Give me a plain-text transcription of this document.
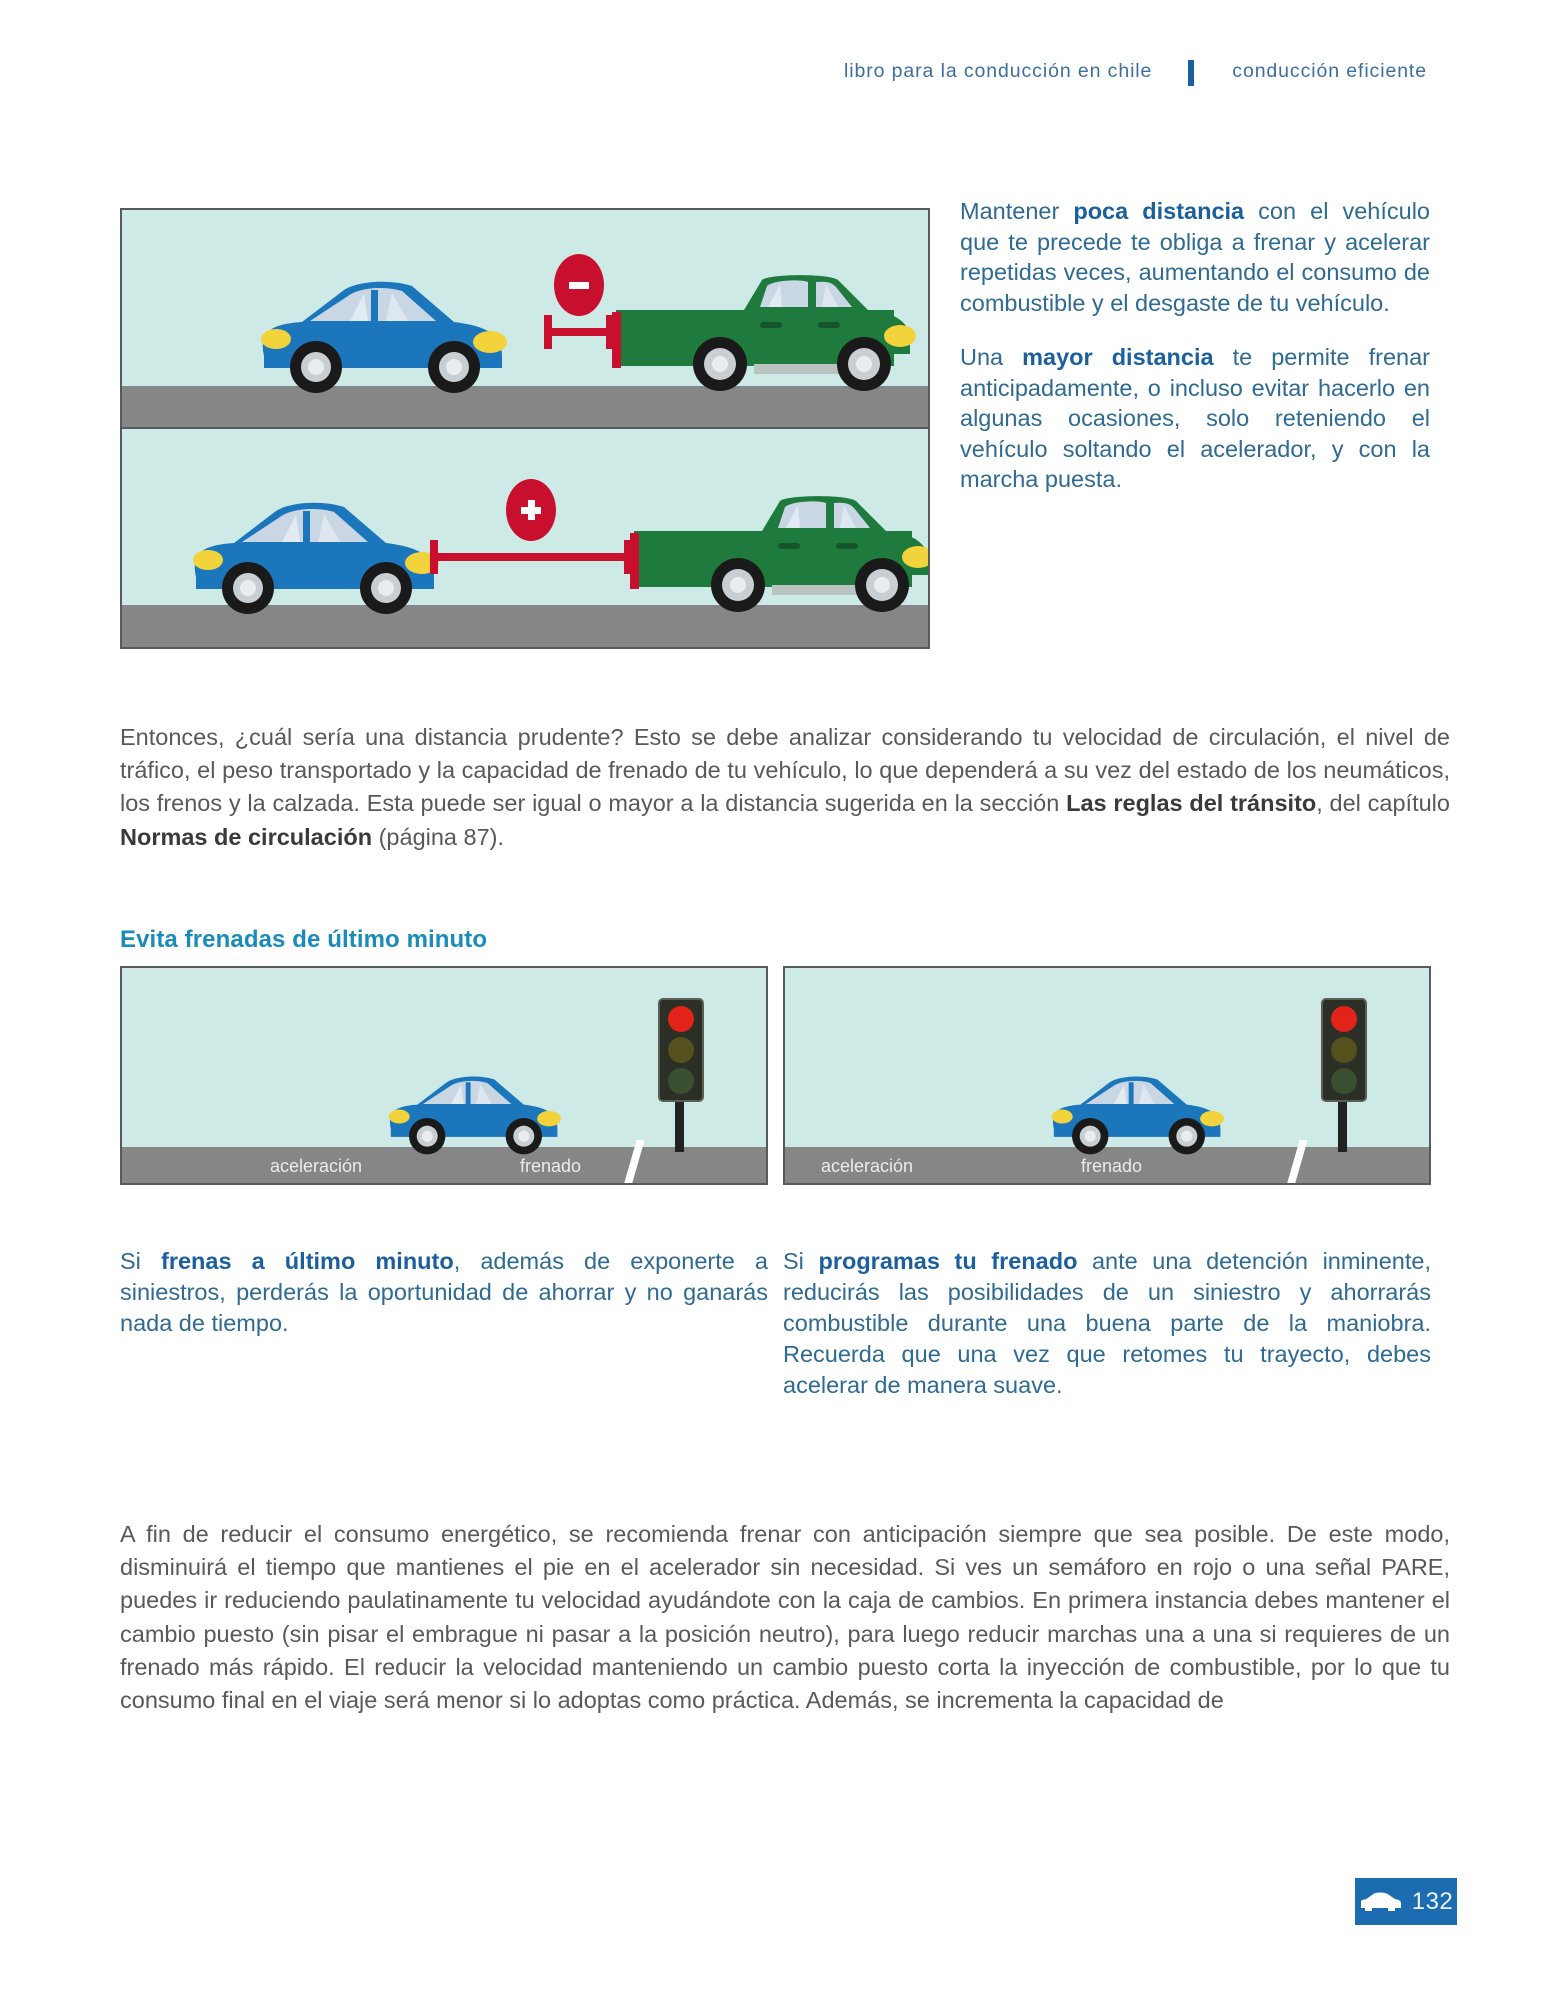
libro para la conducción en chile	conducción eficiente

Mantener poca distancia con el vehículo que te precede te obliga a frenar y acelerar repetidas veces, aumentando el consumo de combustible y el desgaste de tu vehículo.

Una mayor distancia te permite frenar anticipadamente, o incluso evitar hacerlo en algunas ocasiones, solo reteniendo el vehículo soltando el acelerador, y con la marcha puesta.

Entonces, ¿cuál sería una distancia prudente? Esto se debe analizar considerando tu velocidad de circulación, el nivel de tráfico, el peso transportado y la capacidad de frenado de tu vehículo, lo que dependerá a su vez del estado de los neumáticos, los frenos y la calzada. Esta puede ser igual o mayor a la distancia sugerida en la sección Las reglas del tránsito, del capítulo Normas de circulación (página 87).

Evita frenadas de último minuto
aceleración	frenado	aceleración	frenado

Si frenas a último minuto, además de exponerte a siniestros, perderás la oportunidad de ahorrar y no ganarás nada de tiempo.

Si programas tu frenado ante una detención inminente, reducirás las posibilidades de un siniestro y ahorrarás combustible durante una buena parte de la maniobra. Recuerda que una vez que retomes tu trayecto, debes acelerar de manera suave.

A fin de reducir el consumo energético, se recomienda frenar con anticipación siempre que sea posible. De este modo, disminuirá el tiempo que mantienes el pie en el acelerador sin necesidad. Si ves un semáforo en rojo o una señal PARE, puedes ir reduciendo paulatinamente tu velocidad ayudándote con la caja de cambios. En primera instancia debes mantener el cambio puesto (sin pisar el embrague ni pasar a la posición neutro), para luego reducir marchas una a una si requieres de un frenado más rápido. El reducir la velocidad manteniendo un cambio puesto corta la inyección de combustible, por lo que tu consumo final en el viaje será menor si lo adoptas como práctica. Además, se incrementa la capacidad de

132
